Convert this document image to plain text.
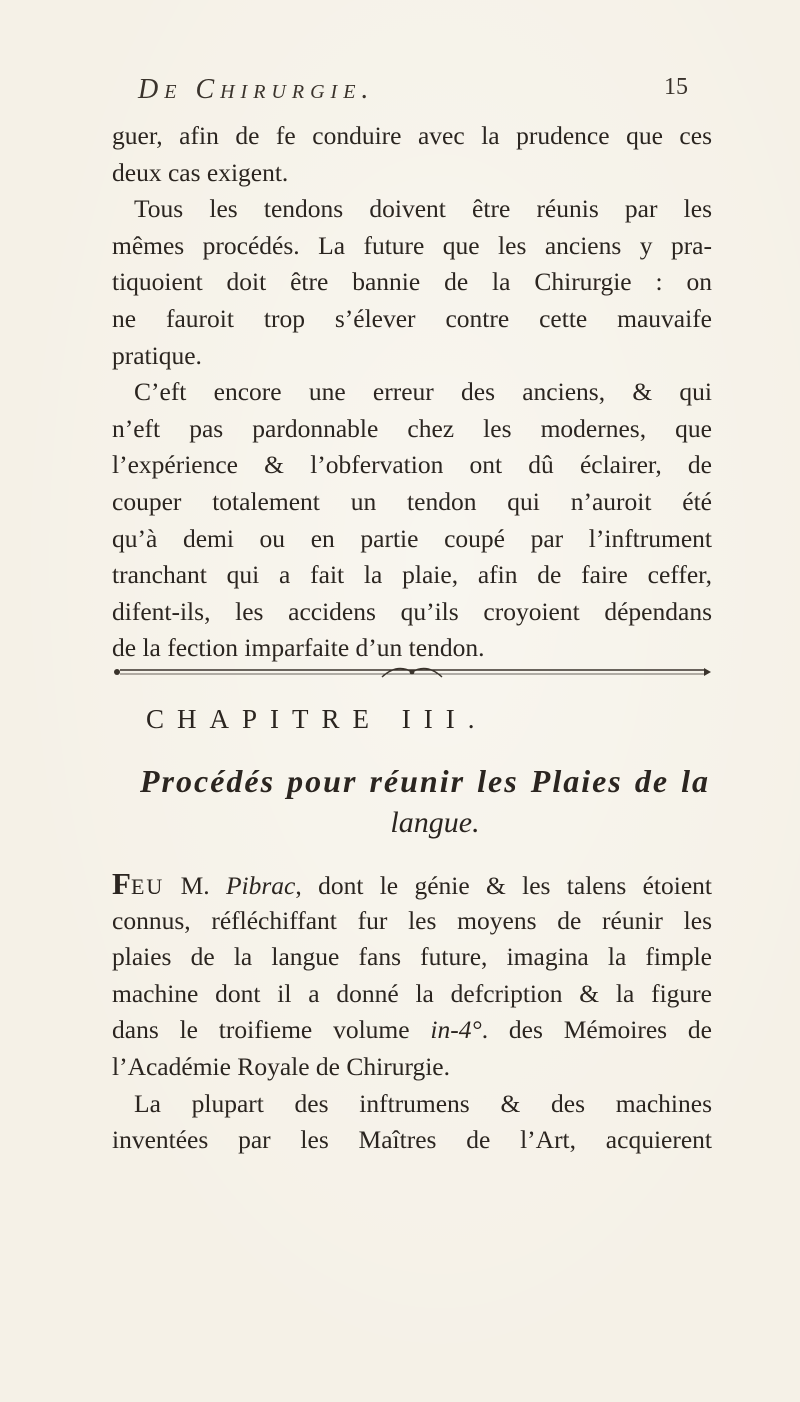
De Chirurgie.	15
guer, afin de fe conduire avec la prudence que ces
deux cas exigent.
Tous les tendons doivent être réunis par les
mêmes procédés. La future que les anciens y pra-
tiquoient doit être bannie de la Chirurgie : on
ne fauroit trop s’élever contre cette mauvaife
pratique.
C’eft encore une erreur des anciens, & qui
n’eft pas pardonnable chez les modernes, que
l’expérience & l’obfervation ont dû éclairer, de
couper totalement un tendon qui n’auroit été
qu’à demi ou en partie coupé par l’inftrument
tranchant qui a fait la plaie, afin de faire ceffer,
difent-ils, les accidens qu’ils croyoient dépendans
de la fection imparfaite d’un tendon.
CHAPITRE III.
Procédés pour réunir les Plaies de la
langue.
FEU M. Pibrac, dont le génie & les talens étoient
connus, réfléchiffant fur les moyens de réunir les
plaies de la langue fans future, imagina la fimple
machine dont il a donné la defcription & la figure
dans le troifieme volume in-4°. des Mémoires de
l’Académie Royale de Chirurgie.
La plupart des inftrumens & des machines
inventées par les Maîtres de l’Art, acquierent
